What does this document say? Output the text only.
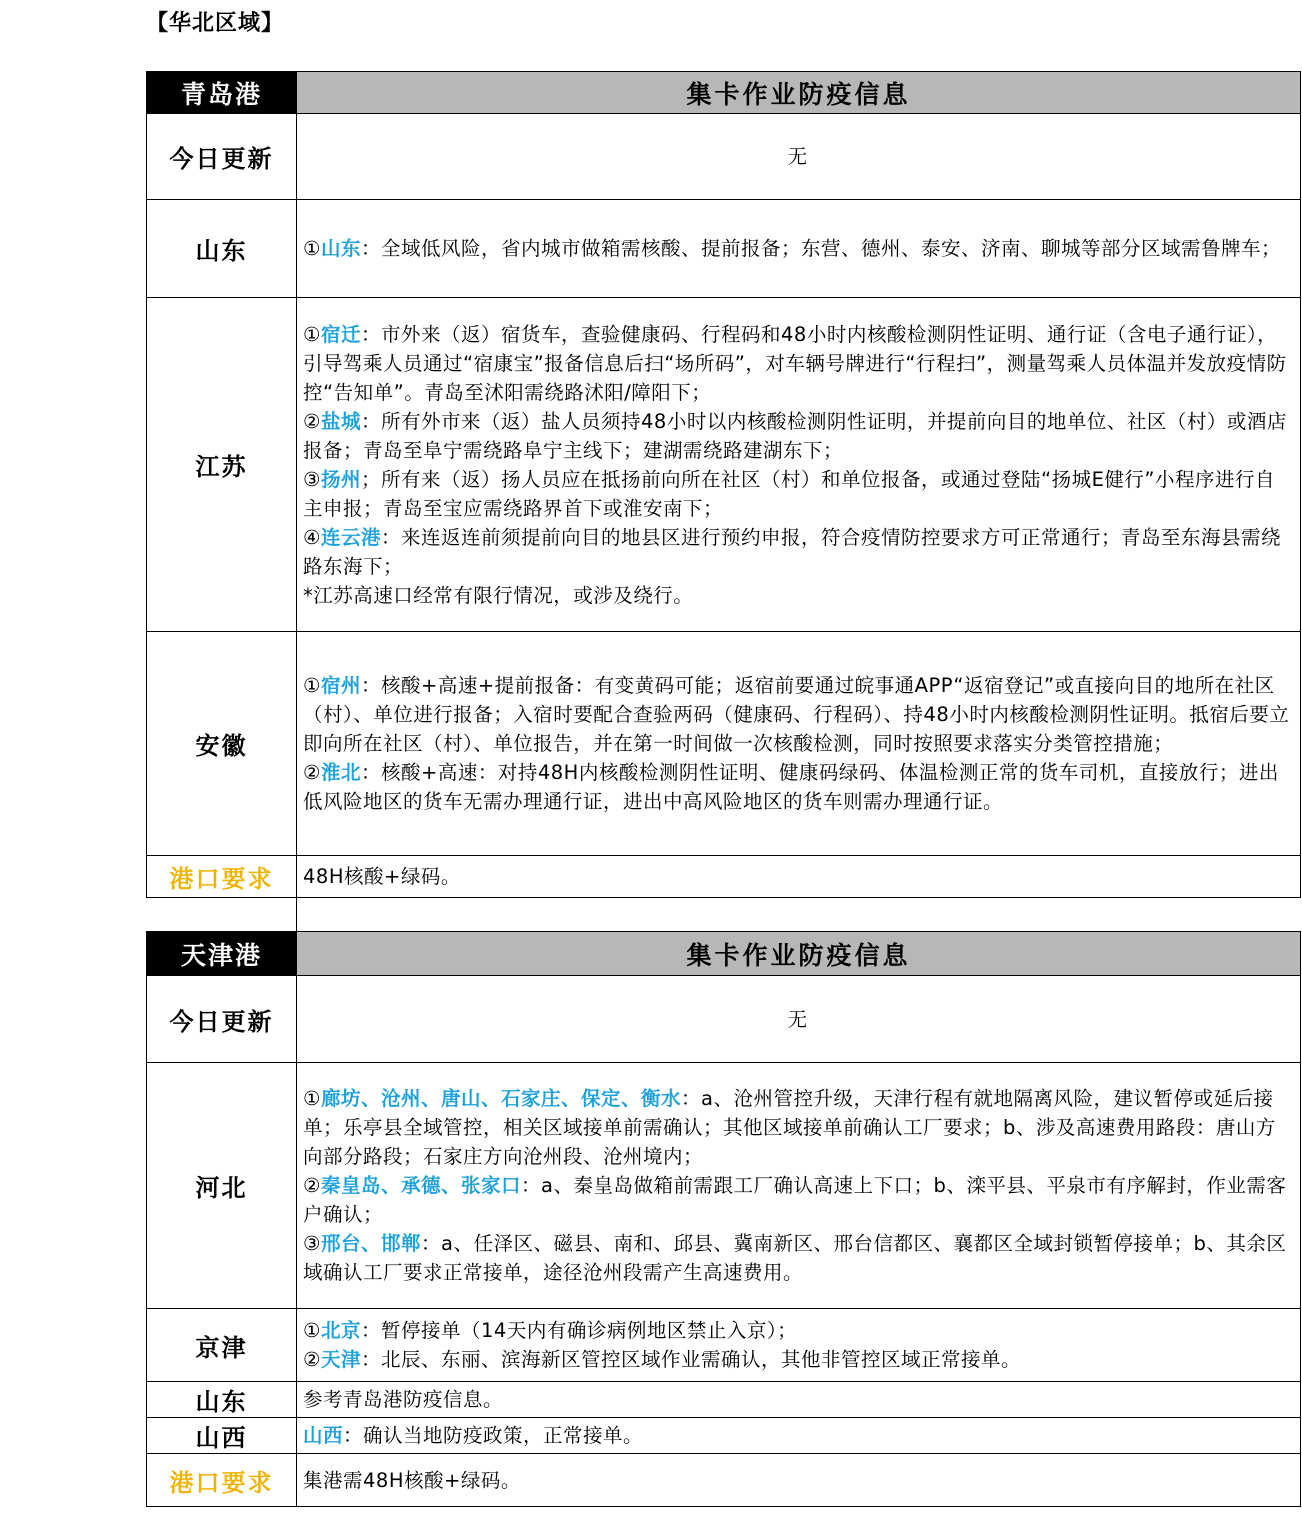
【华北区域】
青岛港	集卡作业防疫信息
今日更新	无
山东	①山东：全域低风险，省内城市做箱需核酸、提前报备；东营、德州、泰安、济南、聊城等部分区域需鲁牌车；

江苏	①宿迁：市外来（返）宿货车，查验健康码、行程码和48小时内核酸检测阴性证明、通行证（含电子通行证），引导驾乘人员通过“宿康宝”报备信息后扫“场所码”，对车辆号牌进行“行程扫”，测量驾乘人员体温并发放疫情防控“告知单”。青岛至沭阳需绕路沭阳/障阳下；
②盐城：所有外市来（返）盐人员须持48小时以内核酸检测阴性证明，并提前向目的地单位、社区（村）或酒店报备；青岛至阜宁需绕路阜宁主线下；建湖需绕路建湖东下；
③扬州；所有来（返）扬人员应在抵扬前向所在社区（村）和单位报备，或通过登陆“扬城E健行”小程序进行自主申报；青岛至宝应需绕路界首下或淮安南下；
④连云港：来连返连前须提前向目的地县区进行预约申报，符合疫情防控要求方可正常通行；青岛至东海县需绕路东海下；
*江苏高速口经常有限行情况，或涉及绕行。

安徽	①宿州：核酸+高速+提前报备：有变黄码可能；返宿前要通过皖事通APP“返宿登记”或直接向目的地所在社区（村）、单位进行报备；入宿时要配合查验两码（健康码、行程码）、持48小时内核酸检测阴性证明。抵宿后要立即向所在社区（村）、单位报告，并在第一时间做一次核酸检测，同时按照要求落实分类管控措施；
②淮北：核酸+高速：对持48H内核酸检测阴性证明、健康码绿码、体温检测正常的货车司机，直接放行；进出低风险地区的货车无需办理通行证，进出中高风险地区的货车则需办理通行证。

港口要求	48H核酸+绿码。
天津港	集卡作业防疫信息
今日更新	无
河北	①廊坊、沧州、唐山、石家庄、保定、衡水：a、沧州管控升级，天津行程有就地隔离风险，建议暂停或延后接单；乐亭县全域管控，相关区域接单前需确认；其他区域接单前确认工厂要求；b、涉及高速费用路段：唐山方向部分路段；石家庄方向沧州段、沧州境内；
②秦皇岛、承德、张家口：a、秦皇岛做箱前需跟工厂确认高速上下口；b、滦平县、平泉市有序解封，作业需客户确认；
③邢台、邯郸：a、任泽区、磁县、南和、邱县、冀南新区、邢台信都区、襄都区全域封锁暂停接单；b、其余区域确认工厂要求正常接单，途径沧州段需产生高速费用。

京津	①北京：暂停接单（14天内有确诊病例地区禁止入京）；
②天津：北辰、东丽、滨海新区管控区域作业需确认，其他非管控区域正常接单。

山东	参考青岛港防疫信息。
山西	山西：确认当地防疫政策，正常接单。
港口要求	集港需48H核酸+绿码。
